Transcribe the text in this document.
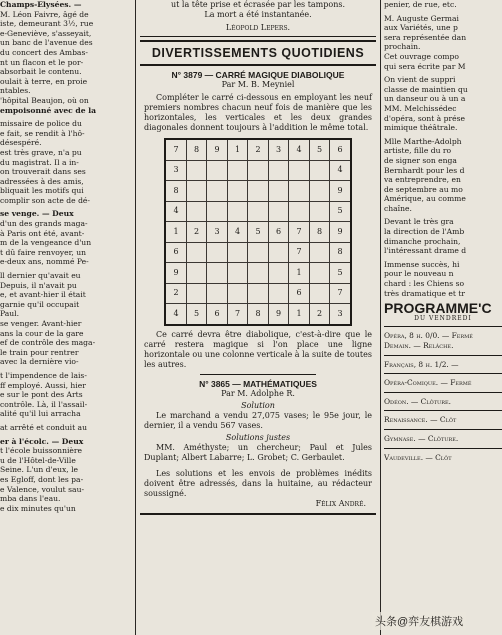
Champs-Elysées. —

M. Léon Faivre, âgé de

iste, demeurant 3½, rue

e-Geneviève, s'asseyait,

un banc de l'avenue des

du concert des Ambas-

nt un flacon et le por-

absorbait le contenu.

oulait à terre, en proie

ntables.

'hôpital Beaujon, où on

empoisonné avec de la

missaire de police du

e fait, se rendit à l'hô-

désespéré.

est très grave, n'a pu

du magistrat. Il a in-

on trouverait dans ses

adressées à des amis,

bliquait les motifs qui

complir son acte de dé-

se venge. — Deux

d'un des grands maga-

à Paris ont été, avant-

m de la vengeance d'un

t dû faire renvoyer, un

e-deux ans, nommé Pe-

ll dernier qu'avait eu

Depuis, il n'avait pu

e, et avant-hier il était

garnie qu'il occupait

Paul.

se venger. Avant-hier

ans la cour de la gare

ef de contrôle des maga-

le train pour rentrer

avec la dernière vio-

t l'impendence de lais-

ff employé. Aussi, hier

e sur le pont des Arts

contrôle. Là, il l'assail-

alité qu'il lui arracha

at arrêté et conduit au

er à l'écolc. — Deux

t l'école buissonnière

u de l'Hôtel-de-Ville

Seine. L'un d'eux, le

es Egloff, dont les pa-

e Valence, voulut sau-

mba dans l'eau.

e dix minutes qu'un

ut la tête prise et écrasée par les tampons.
La mort a été instantanée.
Léopold Lepers.
DIVERTISSEMENTS QUOTIDIENS
N° 3879 — CARRÉ MAGIQUE DIABOLIQUE
Par M. B. Meyniel

Compléter le carré ci-dessous en employant les neuf premiers nombres chacun neuf fois de manière que les horizontales, les verticales et les deux grandes diagonales donnent toujours à l'addition le même total.

7	8	9	1	2	3	4	5	6
3								4
8								9
4								5
1	2	3	4	5	6	7	8	9
6						7		8
9						1		5
2						6		7
4	5	6	7	8	9	1	2	3

Ce carré devra être diabolique, c'est-à-dire que le carré restera magique si l'on place une ligne horizontale ou une colonne verticale à la suite de toutes les autres.

N° 3865 — MATHÉMATIQUES
Par M. Adolphe R.
Solution

Le marchand a vendu 27,075 vases; le 95e jour, le dernier, il a vendu 567 vases.

Solutions justes

MM. Améthyste; un chercheur; Paul et Jules Duplant; Albert Labarre; L. Grobet; C. Gerbaulet.

Les solutions et les envois de problèmes inédits doivent être adressés, dans la huitaine, au rédacteur soussigné.

Félix André.

penier, de rue, etc.

M. Auguste Germai

aux Variétés, une p

sera représentée dan

prochain.

Cet ouvrage compo

qui sera écrite par M

On vient de suppri

classe de maintien qu

un danseur ou à un a

MM. Melchissédec

d'opéra, sont à prése

mimique théâtrale.

Mlle Marthe-Adolph

artiste, fille du ro

de signer son enga

Bernhardt pour les d

va entreprendre, en

de septembre au mo

Amérique, au comme

chaîne.

Devant le très gra

la direction de l'Amb

dimanche prochain,

l'intéressant drame d

Immense succès, hi

pour le nouveau n

chard : les Chiens so

très dramatique et tr

PROGRAMME'C
DU VENDREDI
Opéra, 8 h. 0/0. — Fermé
Demain. — Relâche.
Français, 8 h. 1/2. —
Opéra-Comique. — Fermé
Odéon. — Clôture.
Renaissance. — Clôt
Gymnase. — Clôture.
Vaudeville. — Clôt
头条@弈友棋游戏
